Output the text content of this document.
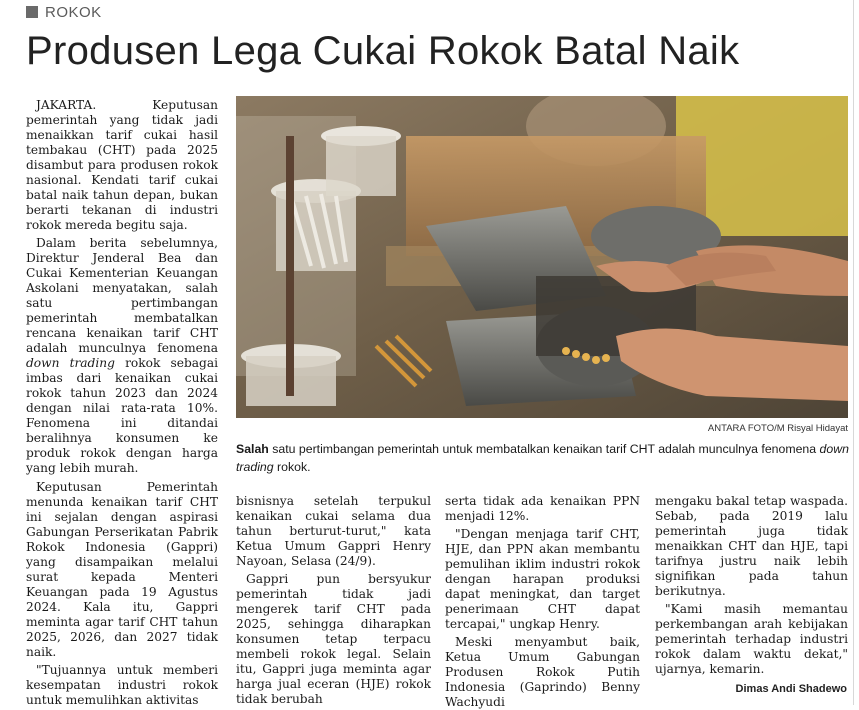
ROKOK
Produsen Lega Cukai Rokok Batal Naik

JAKARTA. Keputusan pemerintah yang tidak jadi menaikkan tarif cukai hasil tembakau (CHT) pada 2025 disambut para produsen rokok nasional. Kendati tarif cukai batal naik tahun depan, bukan berarti tekanan di industri rokok mereda begitu saja.

Dalam berita sebelumnya, Direktur Jenderal Bea dan Cukai Kementerian Keuangan Askolani menyatakan, salah satu pertimbangan pemerintah membatalkan rencana kenaikan tarif CHT adalah munculnya fenomena down trading rokok sebagai imbas dari kenaikan cukai rokok tahun 2023 dan 2024 dengan nilai rata-rata 10%. Fenomena ini ditandai beralihnya konsumen ke produk rokok dengan harga yang lebih murah.

Keputusan Pemerintah menunda kenaikan tarif CHT ini sejalan dengan aspirasi Gabungan Perserikatan Pabrik Rokok Indonesia (Gappri) yang disampaikan melalui surat kepada Menteri Keuangan pada 19 Agustus 2024. Kala itu, Gappri meminta agar tarif CHT tahun 2025, 2026, dan 2027 tidak naik.

"Tujuannya untuk memberi kesempatan industri rokok untuk memulihkan aktivitas

bisnisnya setelah terpukul kenaikan cukai selama dua tahun berturut-turut," kata Ketua Umum Gappri Henry Nayoan, Selasa (24/9).

Gappri pun bersyukur pemerintah tidak jadi mengerek tarif CHT pada 2025, sehingga diharapkan konsumen tetap terpacu membeli rokok legal. Selain itu, Gappri juga meminta agar harga jual eceran (HJE) rokok tidak berubah

serta tidak ada kenaikan PPN menjadi 12%.

"Dengan menjaga tarif CHT, HJE, dan PPN akan membantu pemulihan iklim industri rokok dengan harapan produksi dapat meningkat, dan target penerimaan CHT dapat tercapai," ungkap Henry.

Meski menyambut baik, Ketua Umum Gabungan Produsen Rokok Putih Indonesia (Gaprindo) Benny Wachyudi

mengaku bakal tetap waspada. Sebab, pada 2019 lalu pemerintah juga tidak menaikkan CHT dan HJE, tapi tarifnya justru naik lebih signifikan pada tahun berikutnya.

"Kami masih memantau perkembangan arah kebijakan pemerintah terhadap industri rokok dalam waktu dekat," ujarnya, kemarin.

ANTARA FOTO/M Risyal Hidayat
Salah satu pertimbangan pemerintah untuk membatalkan kenaikan tarif CHT adalah munculnya fenomena down trading rokok.
Dimas Andi Shadewo
